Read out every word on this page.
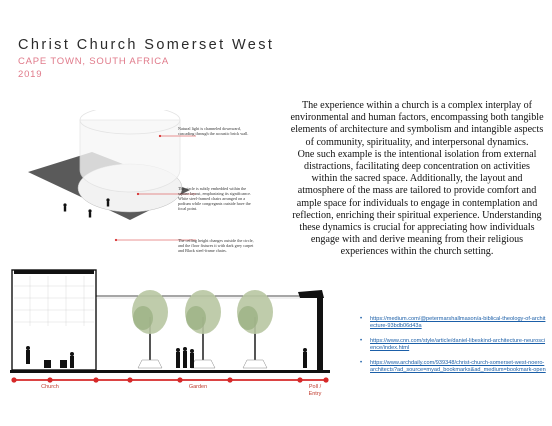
Christ Church Somerset West
CAPE TOWN, SOUTH AFRICA
2019
Natural light is channeled downward, cascading through the acoustic brick wall.
The circle is subtly embedded within the square layout, emphasizing its significance. White steel-framed chairs arranged on a podium while congregants outside have the focal point.
The ceiling height changes outside the circle, and the floor fixtures it with dark grey carpet and Black steel-frame chairs.
Church	Garden	Poll / Entry

The experience within a church is a complex interplay of environmental and human factors, encompassing both tangible elements of architecture and symbolism and intangible aspects of community, spirituality, and interpersonal dynamics.

One such example is the intentional isolation from external distractions, facilitating deep concentration on activities within the sacred space. Additionally, the layout and atmosphere of the mass are tailored to provide comfort and ample space for individuals to engage in contemplation and reflection, enriching their spiritual experience. Understanding these dynamics is crucial for appreciating how individuals engage with and derive meaning from their religious experiences within the church setting.

• https://medium.com/@petermarshallmason/a-biblical-theology-of-architecture-93bdb06d43a
• https://www.cnn.com/style/article/daniel-libeskind-architecture-neuroscience/index.html
• https://www.archdaily.com/939348/christ-church-somerset-west-noero-architects?ad_source=myad_bookmarks&ad_medium=bookmark-open
